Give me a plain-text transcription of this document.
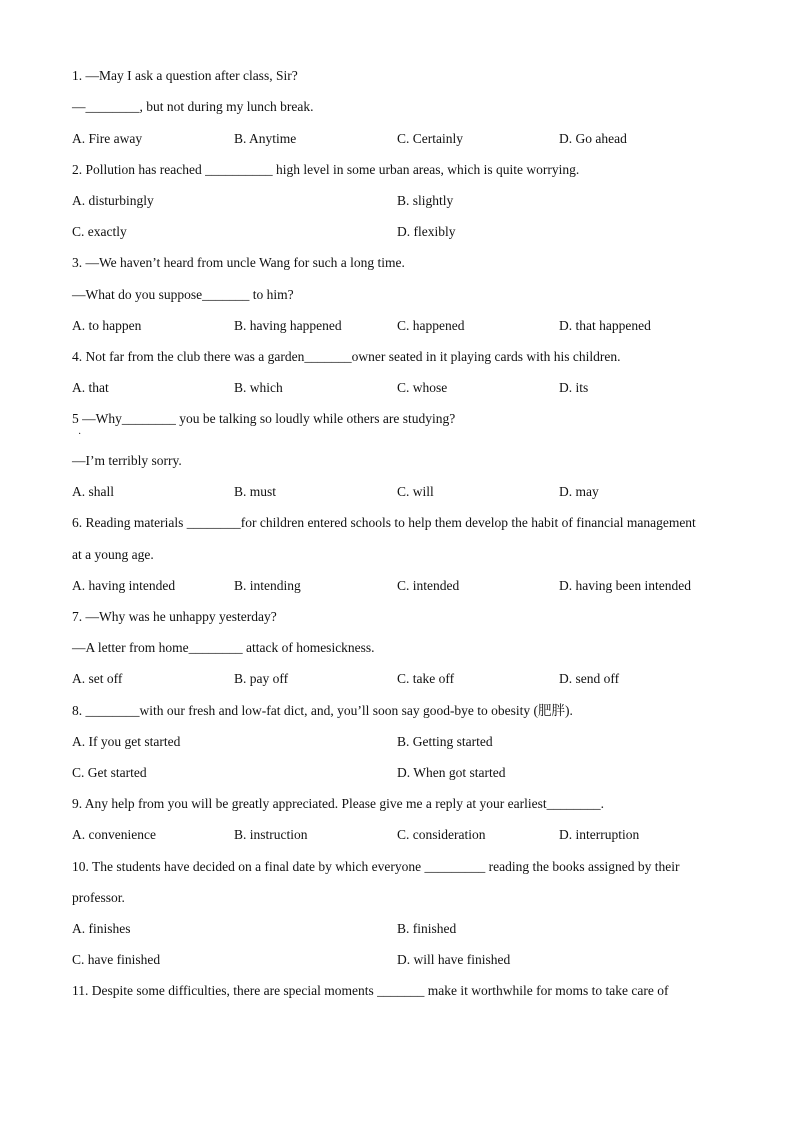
1. —May I ask a question after class, Sir?
—________, but not during my lunch break.
A. Fire away	B. Anytime	C. Certainly	D. Go ahead
2. Pollution has reached __________ high level in some urban areas, which is quite worrying.
A. disturbingly	B. slightly
C. exactly	D. flexibly
3. —We haven’t heard from uncle Wang for such a long time.
—What do you suppose_______ to him?
A. to happen	B. having happened	C. happened	D. that happened
4. Not far from the club there was a garden_______owner seated in it playing cards with his children.
A. that	B. which	C. whose	D. its
5 —Why________ you be talking so loudly while others are studying?
·
—I’m terribly sorry.
A. shall	B. must	C. will	D. may
6. Reading materials ________for children entered schools to help them develop the habit of financial management
at a young age.
A. having intended	B. intending	C. intended	D. having been intended
7. —Why was he unhappy yesterday?
—A letter from home________ attack of homesickness.
A. set off	B. pay off	C. take off	D. send off
8. ________with our fresh and low-fat dict, and, you’ll soon say good-bye to obesity (肥胖).
A. If you get started	B. Getting started
C. Get started	D. When got started
9. Any help from you will be greatly appreciated. Please give me a reply at your earliest________.
A. convenience	B. instruction	C. consideration	D. interruption
10. The students have decided on a final date by which everyone _________ reading the books assigned by their
professor.
A. finishes	B. finished
C. have finished	D. will have finished
11. Despite some difficulties, there are special moments _______ make it worthwhile for moms to take care of
